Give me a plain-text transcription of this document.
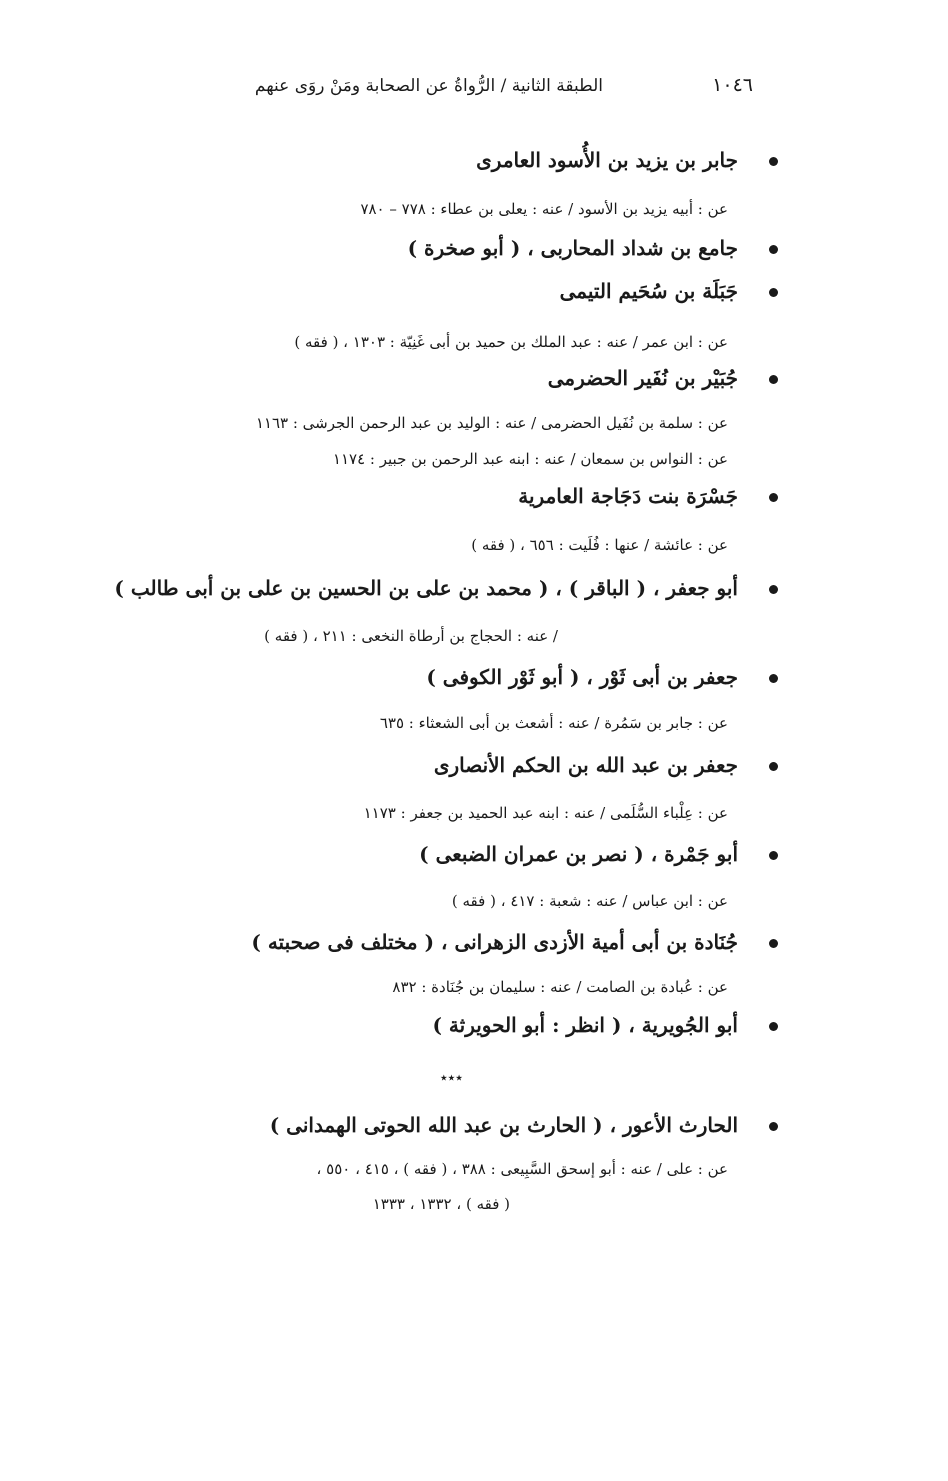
الطبقة الثانية / الرُّواةُ عن الصحابة ومَنْ روَى عنهم	١٠٤٦
جابر بن يزيد بن الأُسود العامرى
عن : أبيه يزيد بن الأسود / عنه : يعلى بن عطاء : ٧٧٨ – ٧٨٠
جامع بن شداد المحاربى ، ( أبو صخرة )
جَبَلَة بن سُحَيم التيمى
عن : ابن عمر / عنه : عبد الملك بن حميد بن أبى غَنِيّة : ١٣٠٣ ، ( فقه )
جُبَيْر بن نُفَير الحضرمى
عن : سلمة بن نُفَيل الحضرمى / عنه : الوليد بن عبد الرحمن الجرشى : ١١٦٣
عن : النواس بن سمعان / عنه : ابنه عبد الرحمن بن جبير : ١١٧٤
جَسْرَة بنت دَجَاجة العامرية
عن : عائشة / عنها : فُلَيت : ٦٥٦ ، ( فقه )
أبو جعفر ، ( الباقر ) ، ( محمد بن على بن الحسين بن على بن أبى طالب )
/ عنه : الحجاج بن أرطاة النخعى : ٢١١ ، ( فقه )
جعفر بن أبى ثَوْر ، ( أبو ثَوْر الكوفى )
عن : جابر بن سَمُرة / عنه : أشعث بن أبى الشعثاء : ٦٣٥
جعفر بن عبد الله بن الحكم الأنصارى
عن : عِلْباء السُّلَمى / عنه : ابنه عبد الحميد بن جعفر : ١١٧٣
أبو جَمْرة ، ( نصر بن عمران الضبعى )
عن : ابن عباس / عنه : شعبة : ٤١٧ ، ( فقه )
جُنَادة بن أبى أمية الأزدى الزهرانى ، ( مختلف فى صحبته )
عن : عُبادة بن الصامت / عنه : سليمان بن جُنَادة : ٨٣٢
أبو الجُويرية ، ( انظر : أبو الحويرثة )
٭٭٭
الحارث الأعور ، ( الحارث بن عبد الله الحوتى الهمدانى )
عن : على / عنه : أبو إسحق السَّبِيعى : ٣٨٨ ، ( فقه ) ، ٤١٥ ، ٥٥٠ ،
( فقه ) ، ١٣٣٢ ، ١٣٣٣
